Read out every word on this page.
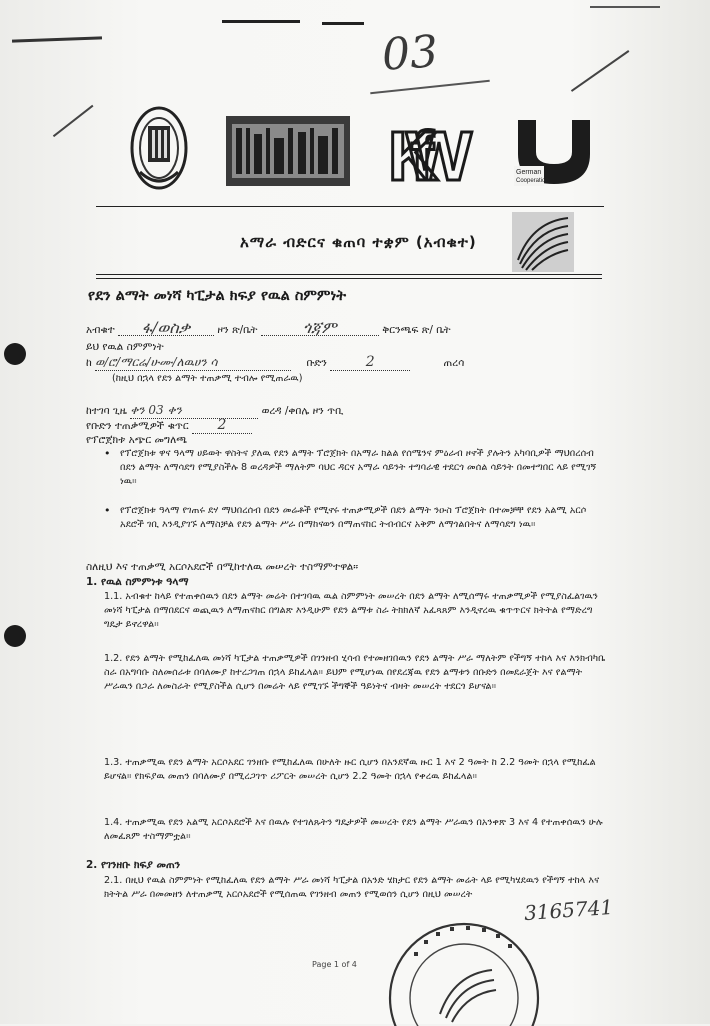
03
KfW	German
Cooperation
አማራ ብድርና ቁጠባ ተቋም (አብቁተ)
የደን ልማት መነሻ ካፒታል ክፍያ የዉል ስምምነት
አብቁተ ፋ/ወስቃ	ዞን ጽ/ቤት	ጎጃም	ቅርንጫፍ ጽ/ ቤት
ይህ የዉል ስምምነት
ከ ወ/ሮ/ማርሬ/ሁሙ/ለዉሀን ሳ	ቡድን	2	ጠረሳ
(ከዚህ በኋላ የደን ልማት ተጠቃሚ ተብሎ የሚጠራዉ)
ከተገባ ጊዜ ቀን 03 ቀን	ወረዳ /ቀበሌ ዞን ጥቢ
የቡድን ተጠቃሚዎች ቁጥር 2
የፕሮጀክቱ አጭር መግለጫ
• የፕሮጀክቱ ዋና ዓላማ ሀይወት ዋስትና ያለዉ የደን ልማት ፕሮጀክት በአማራ ክልል የሰሜንና ምዕራብ ዞኖች ያሉትን አካባቢዎች ማህበረሰብ በደን ልማት ለማሳደግ የሚያስችሉ 8 ወረዳዎች ማለትም ባህር ዳርና አማራ ሳይንት ተግባራዊ ተደርጎ መሰል ሳይንት በመተግበር ላይ የሚገኝ ነዉ።
• የፕሮጀክቱ ዓላማ የገጠሩ ደሃ ማህበረሰብ በደን መሬቶች የሚኖሩ ተጠቃሚዎች በደን ልማት ንዑስ ፕሮጀክት በተመቻቸ የደን አልሚ አርሶ አደሮች ገቢ እንዲያገኙ ለማስቻል የደን ልማት ሥራ በማከናወን በማጠናከር ትብብርና አቅም ለማጎልበትና ለማሳደግ ነዉ።
ስለዚህ እና ተጠቃሚ አርሶአደሮች በሚከተለዉ መሠረት ተስማምተዋል።
1. የዉል ስምምነቱ ዓላማ
1.1. አብቁተ ከላይ የተጠቀሰዉን በደን ልማት መሬት በተገባዉ ዉል ስምምነት መሠረት በደን ልማት ለሚሰማሩ ተጠቃሚዎች የሚያስፈልገዉን መነሻ ካፒታል በማበደርና ወጪዉን ለማጠናከር በግልጽ እንዲሁም የደን ልማቱ ስራ ትክክለኛ አፈጻጸም እንዲኖረዉ ቁጥጥርና ክትትል የማድረግ ግዴታ ይኖረዋል።
1.2. የደን ልማት የሚከፈለዉ መነሻ ካፒታል ተጠቃሚዎች በገንዘብ ሂሳብ የተመዘገበዉን የደን ልማት ሥራ ማለትም የችግኝ ተከላ እና እንክብካቤ ስራ በአግባቡ ስለመሰራቱ በባለሙያ ከተረጋገጠ በኋላ ይከፈላል። ይህም የሚሆነዉ በየደረጃዉ የደን ልማቱን በቡድን በመደራጀት እና የልማት ሥራዉን በጋራ ለመስራት የሚያስችል ሲሆን በመሬት ላይ የሚገኙ ችግኞች ዓይነትና ብዛት መሠረት ተደርጎ ይሆናል።
1.3. ተጠቃሚዉ የደን ልማት አርሶአደር ገንዘቡ የሚከፈለዉ በሁለት ዙር ሲሆን በአንደኛዉ ዙር 1 እና 2 ዓመት ከ 2.2 ዓመት በኋላ የሚከፈል ይሆናል። የክፍያዉ መጠን በባለሙያ በሚረጋገጥ ሪፖርት መሠረት ሲሆን 2.2 ዓመት በኋላ የቀረዉ ይከፈላል።
1.4. ተጠቃሚዉ የደን አልሚ አርሶአደሮች እና በዉሉ የተገለጹትን ግዴታዎች መሠረት የደን ልማት ሥራዉን በአንቀጽ 3 እና 4 የተጠቀሰዉን ሁሉ ለመፈጸም ተስማምቷል።
2. የገንዘቡ ክፍያ መጠን
2.1. በዚህ የዉል ስምምነት የሚከፈለዉ የደን ልማት ሥራ መነሻ ካፒታል በአንድ ሄክታር የደን ልማት መሬት ላይ የሚካሄደዉን የችግኝ ተከላ እና ክትትል ሥራ በመመዘን ለተጠቃሚ አርሶአደሮች የሚሰጠዉ የገንዘብ መጠን የሚወሰን ሲሆን በዚህ መሠረት
3165741
Page 1 of 4
